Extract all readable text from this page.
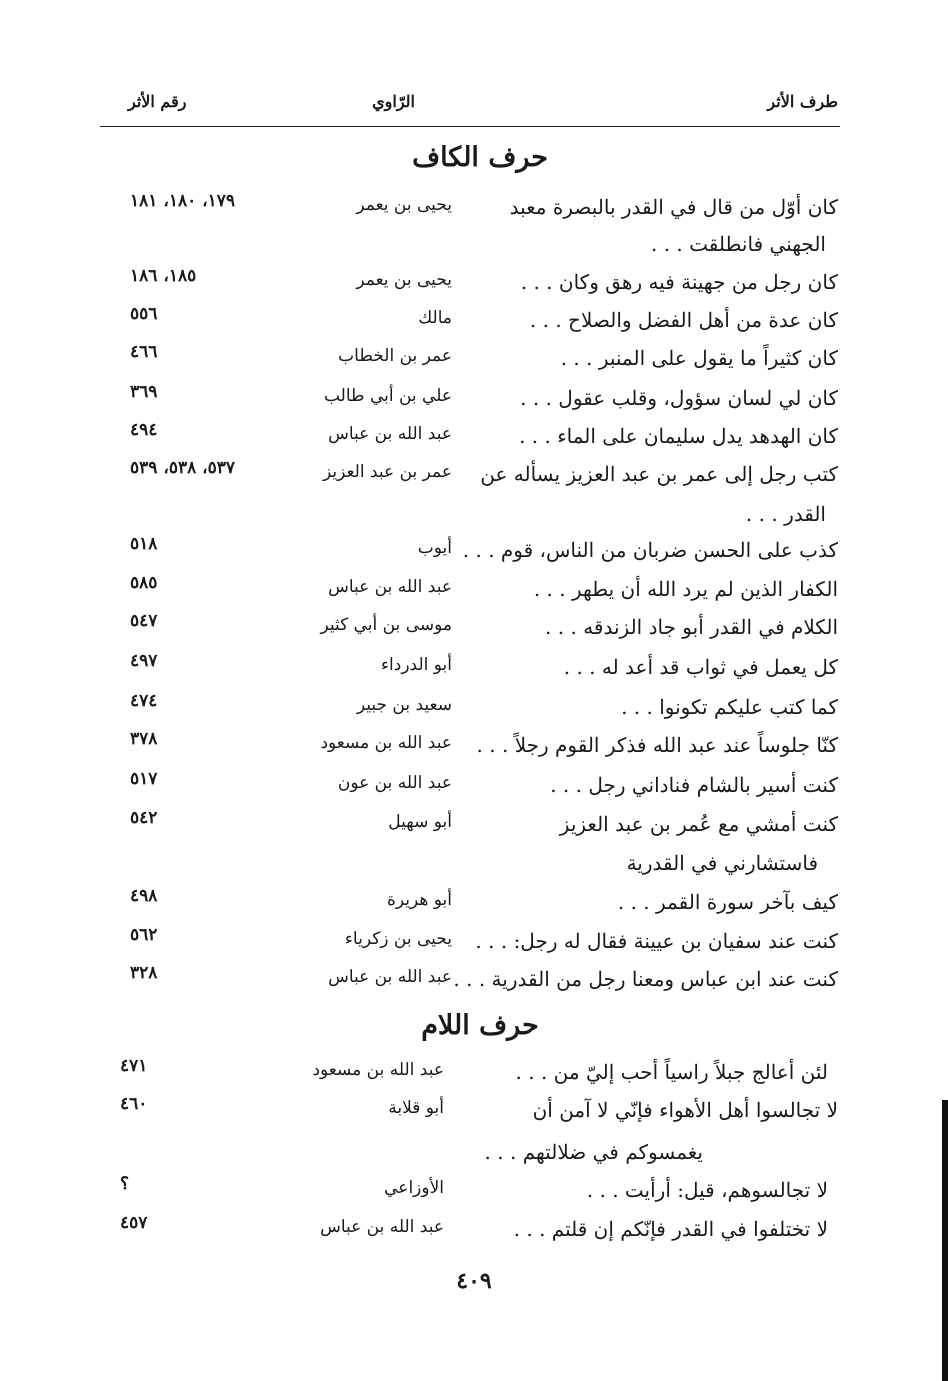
طرف الأثر
الرّاوي
رقم الأثر
حرف الكاف
كان أوّل من قال في القدر بالبصرة معبد
يحيى بن يعمر
١٧٩، ١٨٠، ١٨١
الجهني فانطلقت . . .
كان رجل من جهينة فيه رهق وكان . . .
يحيى بن يعمر
١٨٥، ١٨٦
كان عدة من أهل الفضل والصلاح . . .
مالك
٥٥٦
كان كثيراً ما يقول على المنبر . . .
عمر بن الخطاب
٤٦٦
كان لي لسان سؤول، وقلب عقول . . .
علي بن أبي طالب
٣٦٩
كان الهدهد يدل سليمان على الماء . . .
عبد الله بن عباس
٤٩٤
كتب رجل إلى عمر بن عبد العزيز يسأله عن
عمر بن عبد العزيز
٥٣٧، ٥٣٨، ٥٣٩
القدر . . .
كذب على الحسن ضربان من الناس، قوم . . .
أيوب
٥١٨
الكفار الذين لم يرد الله أن يطهر . . .
عبد الله بن عباس
٥٨٥
الكلام في القدر أبو جاد الزندقه . . .
موسى بن أبي كثير
٥٤٧
كل يعمل في ثواب قد أعد له . . .
أبو الدرداء
٤٩٧
كما كتب عليكم تكونوا . . .
سعيد بن جبير
٤٧٤
كنّا جلوساً عند عبد الله فذكر القوم رجلاً . . .
عبد الله بن مسعود
٣٧٨
كنت أسير بالشام فناداني رجل . . .
عبد الله بن عون
٥١٧
كنت أمشي مع عُمر بن عبد العزيز
أبو سهيل
٥٤٢
فاستشارني في القدرية
كيف بآخر سورة القمر . . .
أبو هريرة
٤٩٨
كنت عند سفيان بن عيينة فقال له رجل: . . .
يحيى بن زكرياء
٥٦٢
كنت عند ابن عباس ومعنا رجل من القدرية . . .
عبد الله بن عباس
٣٢٨
حرف اللام
لئن أعالج جبلاً راسياً أحب إليّ من . . .
عبد الله بن مسعود
٤٧١
لا تجالسوا أهل الأهواء فإنّي لا آمن أن
أبو قلابة
٤٦٠
يغمسوكم في ضلالتهم . . .
لا تجالسوهم، قيل: أرأيت . . .
الأوزاعي
؟
لا تختلفوا في القدر فإنّكم إن قلتم . . .
عبد الله بن عباس
٤٥٧
٤٠٩
